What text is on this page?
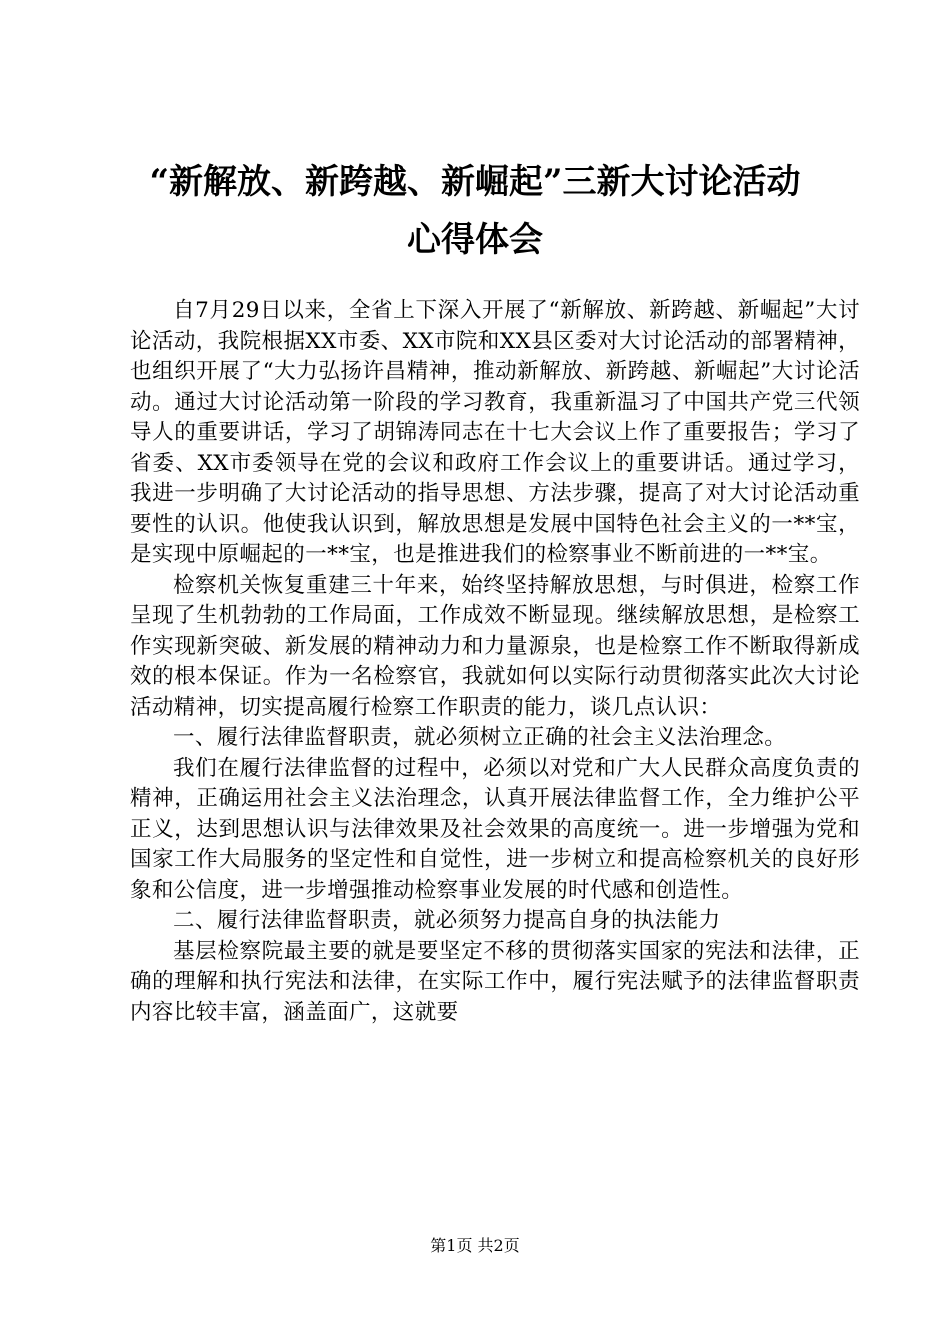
“新解放、新跨越、新崛起”三新大讨论活动
心得体会

自7月29日以来，全省上下深入开展了“新解放、新跨越、新崛起”大讨论活动，我院根据XX市委、XX市院和XX县区委对大讨论活动的部署精神，也组织开展了“大力弘扬许昌精神，推动新解放、新跨越、新崛起”大讨论活动。通过大讨论活动第一阶段的学习教育，我重新温习了中国共产党三代领导人的重要讲话，学习了胡锦涛同志在十七大会议上作了重要报告；学习了省委、XX市委领导在党的会议和政府工作会议上的重要讲话。通过学习，我进一步明确了大讨论活动的指导思想、方法步骤，提高了对大讨论活动重要性的认识。他使我认识到，解放思想是发展中国特色社会主义的一**宝，是实现中原崛起的一**宝，也是推进我们的检察事业不断前进的一**宝。

检察机关恢复重建三十年来，始终坚持解放思想，与时俱进，检察工作呈现了生机勃勃的工作局面，工作成效不断显现。继续解放思想，是检察工作实现新突破、新发展的精神动力和力量源泉，也是检察工作不断取得新成效的根本保证。作为一名检察官，我就如何以实际行动贯彻落实此次大讨论活动精神，切实提高履行检察工作职责的能力，谈几点认识：

一、履行法律监督职责，就必须树立正确的社会主义法治理念。

我们在履行法律监督的过程中，必须以对党和广大人民群众高度负责的精神，正确运用社会主义法治理念，认真开展法律监督工作，全力维护公平正义，达到思想认识与法律效果及社会效果的高度统一。进一步增强为党和国家工作大局服务的坚定性和自觉性，进一步树立和提高检察机关的良好形象和公信度，进一步增强推动检察事业发展的时代感和创造性。

二、履行法律监督职责，就必须努力提高自身的执法能力

基层检察院最主要的就是要坚定不移的贯彻落实国家的宪法和法律，正确的理解和执行宪法和法律，在实际工作中，履行宪法赋予的法律监督职责内容比较丰富，涵盖面广，这就要

第1页 共2页
